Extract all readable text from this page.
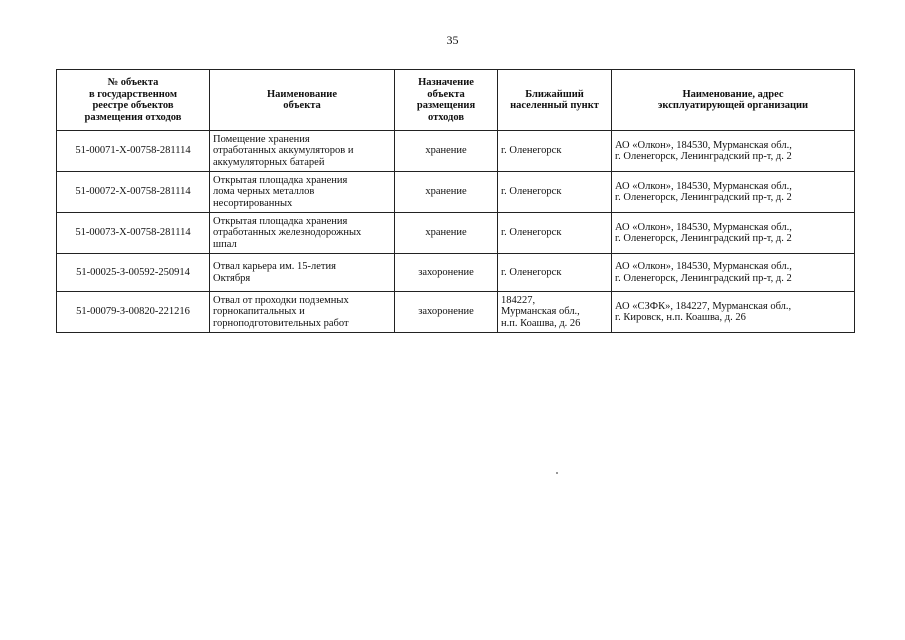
35
№ объекта
в государственном
реестре объектов
размещения отходов	Наименование
объекта	Назначение
объекта
размещения
отходов	Ближайший
населенный пункт	Наименование, адрес
эксплуатирующей организации
51-00071-Х-00758-281114	Помещение хранения
отработанных аккумуляторов и
аккумуляторных батарей	хранение	г. Оленегорск	АО «Олкон», 184530, Мурманская обл.,
г. Оленегорск, Ленинградский пр-т, д. 2
51-00072-Х-00758-281114	Открытая площадка хранения
лома черных металлов
несортированных	хранение	г. Оленегорск	АО «Олкон», 184530, Мурманская обл.,
г. Оленегорск, Ленинградский пр-т, д. 2
51-00073-Х-00758-281114	Открытая площадка хранения
отработанных железнодорожных
шпал	хранение	г. Оленегорск	АО «Олкон», 184530, Мурманская обл.,
г. Оленегорск, Ленинградский пр-т, д. 2
51-00025-З-00592-250914	Отвал карьера им. 15-летия
Октября	захоронение	г. Оленегорск	АО «Олкон», 184530, Мурманская обл.,
г. Оленегорск, Ленинградский пр-т, д. 2
51-00079-З-00820-221216	Отвал от проходки подземных
горнокапитальных и
горноподготовительных работ	захоронение	184227,
Мурманская обл.,
н.п. Коашва, д. 26	АО «СЗФК», 184227, Мурманская обл.,
г. Кировск, н.п. Коашва, д. 26
